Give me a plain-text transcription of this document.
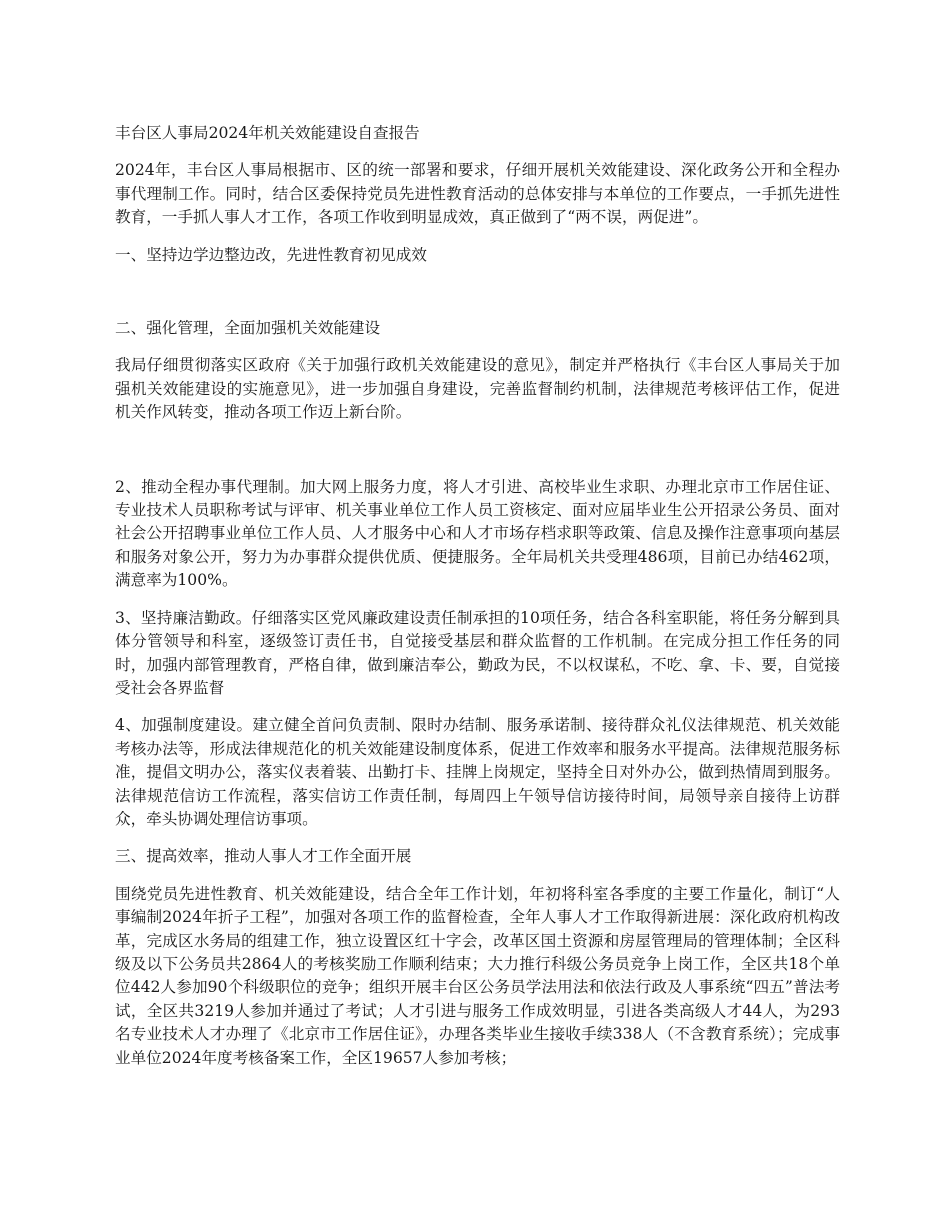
丰台区人事局2024年机关效能建设自查报告

2024年，丰台区人事局根据市、区的统一部署和要求，仔细开展机关效能建设、深化政务公开和全程办事代理制工作。同时，结合区委保持党员先进性教育活动的总体安排与本单位的工作要点，一手抓先进性教育，一手抓人事人才工作，各项工作收到明显成效，真正做到了“两不误，两促进”。

一、坚持边学边整边改，先进性教育初见成效

二、强化管理，全面加强机关效能建设

我局仔细贯彻落实区政府《关于加强行政机关效能建设的意见》，制定并严格执行《丰台区人事局关于加强机关效能建设的实施意见》，进一步加强自身建设，完善监督制约机制，法律规范考核评估工作，促进机关作风转变，推动各项工作迈上新台阶。

2、推动全程办事代理制。加大网上服务力度，将人才引进、高校毕业生求职、办理北京市工作居住证、专业技术人员职称考试与评审、机关事业单位工作人员工资核定、面对应届毕业生公开招录公务员、面对社会公开招聘事业单位工作人员、人才服务中心和人才市场存档求职等政策、信息及操作注意事项向基层和服务对象公开，努力为办事群众提供优质、便捷服务。全年局机关共受理486项，目前已办结462项，满意率为100%。

3、坚持廉洁勤政。仔细落实区党风廉政建设责任制承担的10项任务，结合各科室职能，将任务分解到具体分管领导和科室，逐级签订责任书，自觉接受基层和群众监督的工作机制。在完成分担工作任务的同时，加强内部管理教育，严格自律，做到廉洁奉公，勤政为民，不以权谋私，不吃、拿、卡、要，自觉接受社会各界监督

4、加强制度建设。建立健全首问负责制、限时办结制、服务承诺制、接待群众礼仪法律规范、机关效能考核办法等，形成法律规范化的机关效能建设制度体系，促进工作效率和服务水平提高。法律规范服务标准，提倡文明办公，落实仪表着装、出勤打卡、挂牌上岗规定，坚持全日对外办公，做到热情周到服务。法律规范信访工作流程，落实信访工作责任制，每周四上午领导信访接待时间，局领导亲自接待上访群众，牵头协调处理信访事项。

三、提高效率，推动人事人才工作全面开展

围绕党员先进性教育、机关效能建设，结合全年工作计划，年初将科室各季度的主要工作量化，制订“人事编制2024年折子工程”，加强对各项工作的监督检查，全年人事人才工作取得新进展：深化政府机构改革，完成区水务局的组建工作，独立设置区红十字会，改革区国土资源和房屋管理局的管理体制；全区科级及以下公务员共2864人的考核奖励工作顺利结束；大力推行科级公务员竞争上岗工作，全区共18个单位442人参加90个科级职位的竞争；组织开展丰台区公务员学法用法和依法行政及人事系统“四五”普法考试，全区共3219人参加并通过了考试；人才引进与服务工作成效明显，引进各类高级人才44人，为293名专业技术人才办理了《北京市工作居住证》，办理各类毕业生接收手续338人（不含教育系统）；完成事业单位2024年度考核备案工作，全区19657人参加考核；
